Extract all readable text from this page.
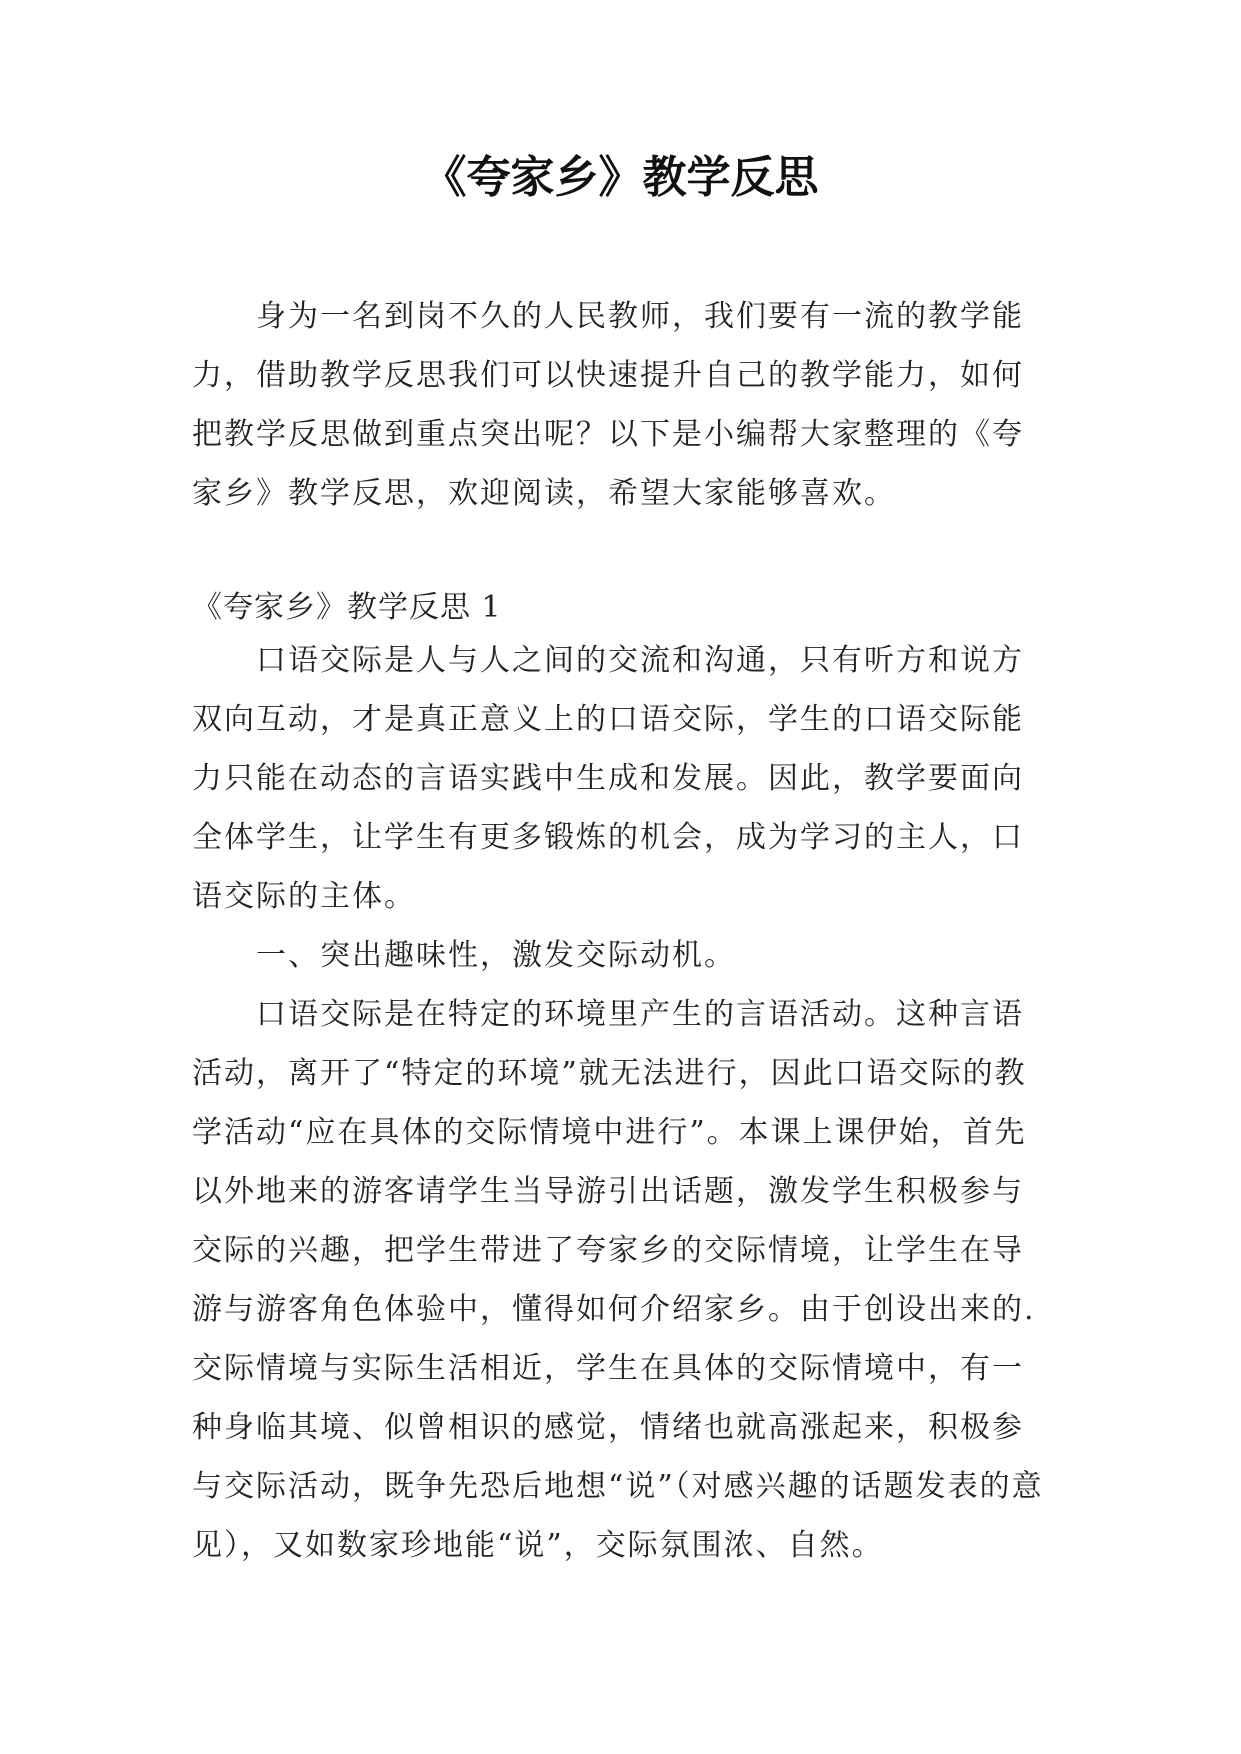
《夸家乡》教学反思

身为一名到岗不久的人民教师，我们要有一流的教学能力，借助教学反思我们可以快速提升自己的教学能力，如何把教学反思做到重点突出呢？以下是小编帮大家整理的《夸家乡》教学反思，欢迎阅读，希望大家能够喜欢。

《夸家乡》教学反思 1

口语交际是人与人之间的交流和沟通，只有听方和说方双向互动，才是真正意义上的口语交际，学生的口语交际能力只能在动态的言语实践中生成和发展。因此，教学要面向全体学生，让学生有更多锻炼的机会，成为学习的主人，口语交际的主体。

一、突出趣味性，激发交际动机。

口语交际是在特定的环境里产生的言语活动。这种言语活动，离开了“特定的环境”就无法进行，因此口语交际的教学活动“应在具体的交际情境中进行”。本课上课伊始，首先以外地来的游客请学生当导游引出话题，激发学生积极参与交际的兴趣，把学生带进了夸家乡的交际情境，让学生在导游与游客角色体验中，懂得如何介绍家乡。由于创设出来的.交际情境与实际生活相近，学生在具体的交际情境中，有一种身临其境、似曾相识的感觉，情绪也就高涨起来，积极参与交际活动，既争先恐后地想“说”（对感兴趣的话题发表的意见），又如数家珍地能“说”，交际氛围浓、自然。
